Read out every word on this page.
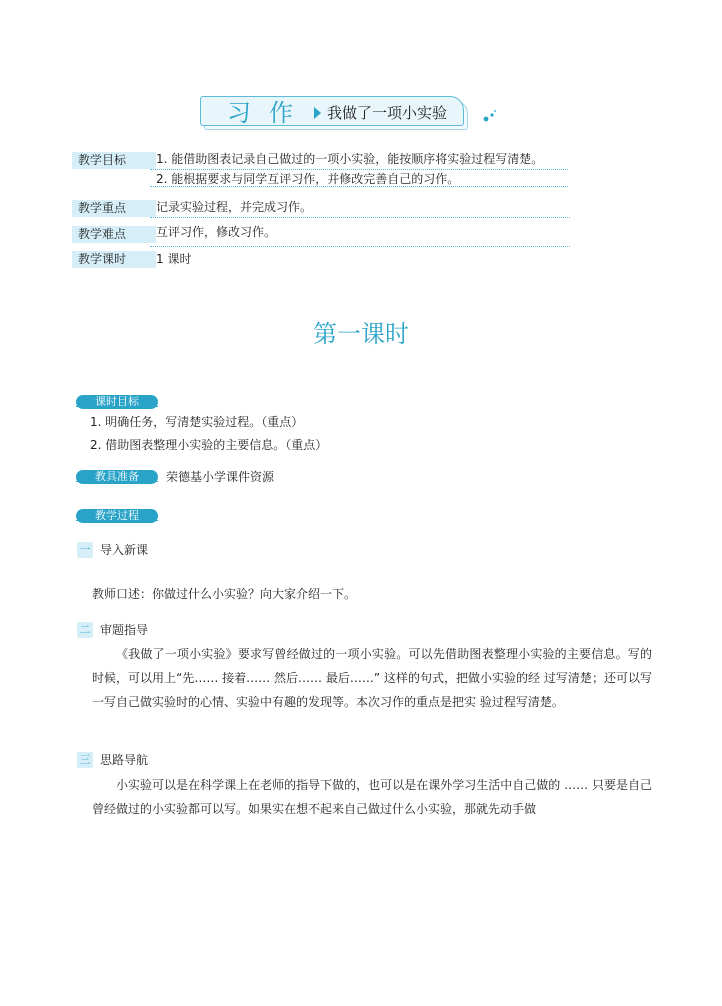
习作 我做了一项小实验
教学目标	1. 能借助图表记录自己做过的一项小实验，能按顺序将实验过程写清楚。
2. 能根据要求与同学互评习作，并修改完善自己的习作。
教学重点	记录实验过程，并完成习作。
教学难点	互评习作，修改习作。
教学课时	1 课时
第一课时
课时目标
1. 明确任务，写清楚实验过程。（重点）
2. 借助图表整理小实验的主要信息。（重点）
教具准备	荣德基小学课件资源
教学过程
一 导入新课
教师口述：你做过什么小实验？向大家介绍一下。
二 审题指导
《我做了一项小实验》要求写曾经做过的一项小实验。可以先借助图表整理小实验的主要信息。写的时候，可以用上“先…… 接着…… 然后…… 最后……” 这样的句式，把做小实验的经 过写清楚；还可以写一写自己做实验时的心情、实验中有趣的发现等。本次习作的重点是把实 验过程写清楚。
三 思路导航
小实验可以是在科学课上在老师的指导下做的，也可以是在课外学习生活中自己做的 …… 只要是自己曾经做过的小实验都可以写。如果实在想不起来自己做过什么小实验，那就先动手做
